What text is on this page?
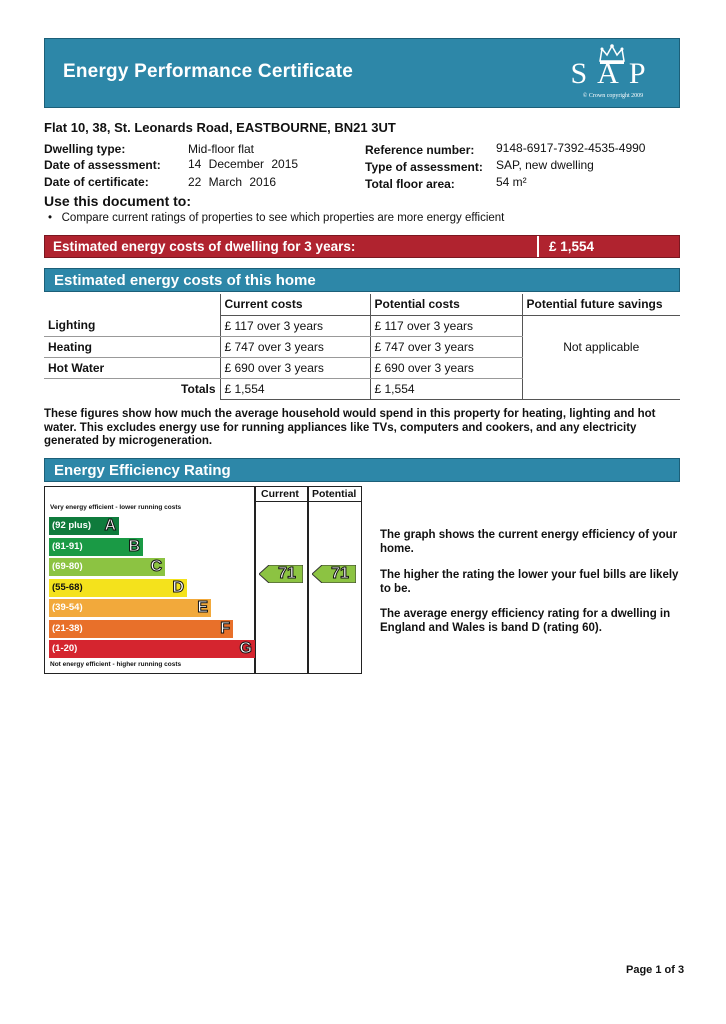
Energy Performance Certificate	SAP
© Crown copyright 2009
Flat 10, 38, St. Leonards Road, EASTBOURNE, BN21 3UT
Dwelling type:	Mid-floor flat
Date of assessment: 14 December 2015
Date of certificate:	22 March 2016
Reference number: 9148-6917-7392-4535-4990
Type of assessment: SAP, new dwelling
Total floor area:	54 m²
Use this document to:
•   Compare current ratings of properties to see which properties are more energy efficient
Estimated energy costs of dwelling for 3 years:	£ 1,554
Estimated energy costs of this home
	Current costs	Potential costs	Potential future savings
Lighting	£ 117 over 3 years	£ 117 over 3 years	Not applicable
Heating	£ 747 over 3 years	£ 747 over 3 years	
Hot Water	£ 690 over 3 years	£ 690 over 3 years	
Totals	£ 1,554	£ 1,554	
These figures show how much the average household would spend in this property for heating, lighting and hot water. This excludes energy use for running appliances like TVs, computers and cookers, and any electricity generated by microgeneration.
Energy Efficiency Rating
Current Potential
Very energy efficient - lower running costs
(92 plus) A
(81-91)	B
(69-80)	C
(55-68)	D
(39-54)	E
(21-38)	F
(1-20)	G
Not energy efficient - higher running costs
71	71
The graph shows the current energy efficiency of your home.
The higher the rating the lower your fuel bills are likely to be.
The average energy efficiency rating for a dwelling in England and Wales is band D (rating 60).
Page 1 of 3
